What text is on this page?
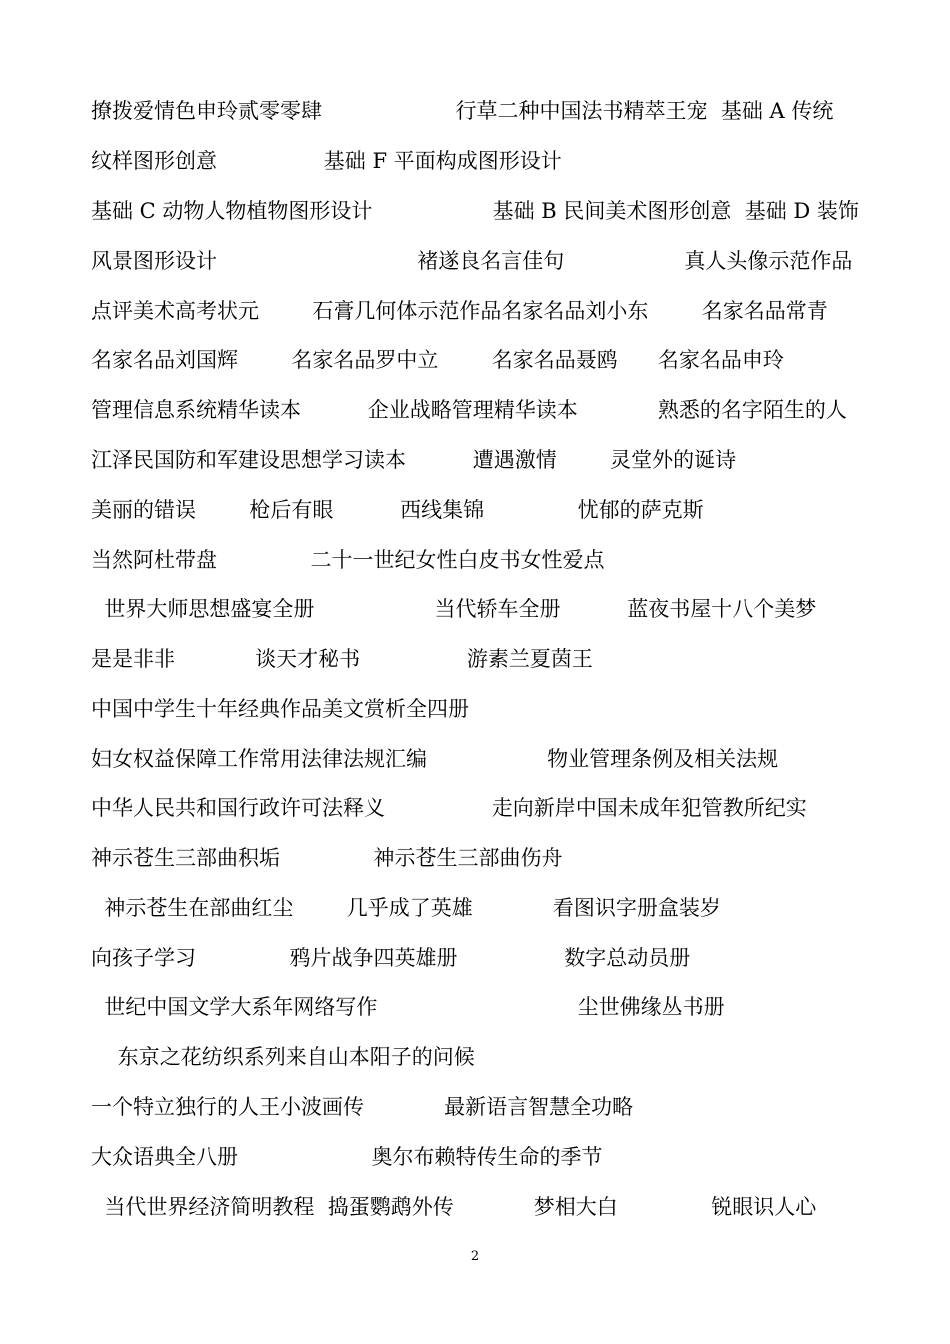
撩拨爱情色申玲贰零零肆                    行草二种中国法书精萃王宠  基础 A 传统
纹样图形创意                基础 F 平面构成图形设计
基础 C 动物人物植物图形设计                  基础 B 民间美术图形创意  基础 D 装饰
风景图形设计                              褚遂良名言佳句                  真人头像示范作品
点评美术高考状元        石膏几何体示范作品名家名品刘小东        名家名品常青
名家名品刘国辉        名家名品罗中立        名家名品聂鸥      名家名品申玲
管理信息系统精华读本          企业战略管理精华读本            熟悉的名字陌生的人
江泽民国防和军建设思想学习读本          遭遇激情        灵堂外的诞诗
美丽的错误        枪后有眼          西线集锦              忧郁的萨克斯
当然阿杜带盘              二十一世纪女性白皮书女性爱点
世界大师思想盛宴全册                  当代轿车全册          蓝夜书屋十八个美梦
是是非非            谈天才秘书                游素兰夏茵王
中国中学生十年经典作品美文赏析全四册
妇女权益保障工作常用法律法规汇编                  物业管理条例及相关法规
中华人民共和国行政许可法释义                走向新岸中国未成年犯管教所纪实
神示苍生三部曲积垢              神示苍生三部曲伤舟
神示苍生在部曲红尘        几乎成了英雄            看图识字册盒装岁
向孩子学习              鸦片战争四英雄册                数字总动员册
世纪中国文学大系年网络写作                              尘世佛缘丛书册
东京之花纺织系列来自山本阳子的问候
一个特立独行的人王小波画传            最新语言智慧全功略
大众语典全八册                    奥尔布赖特传生命的季节
当代世界经济简明教程  捣蛋鹦鹉外传            梦相大白              锐眼识人心
2
